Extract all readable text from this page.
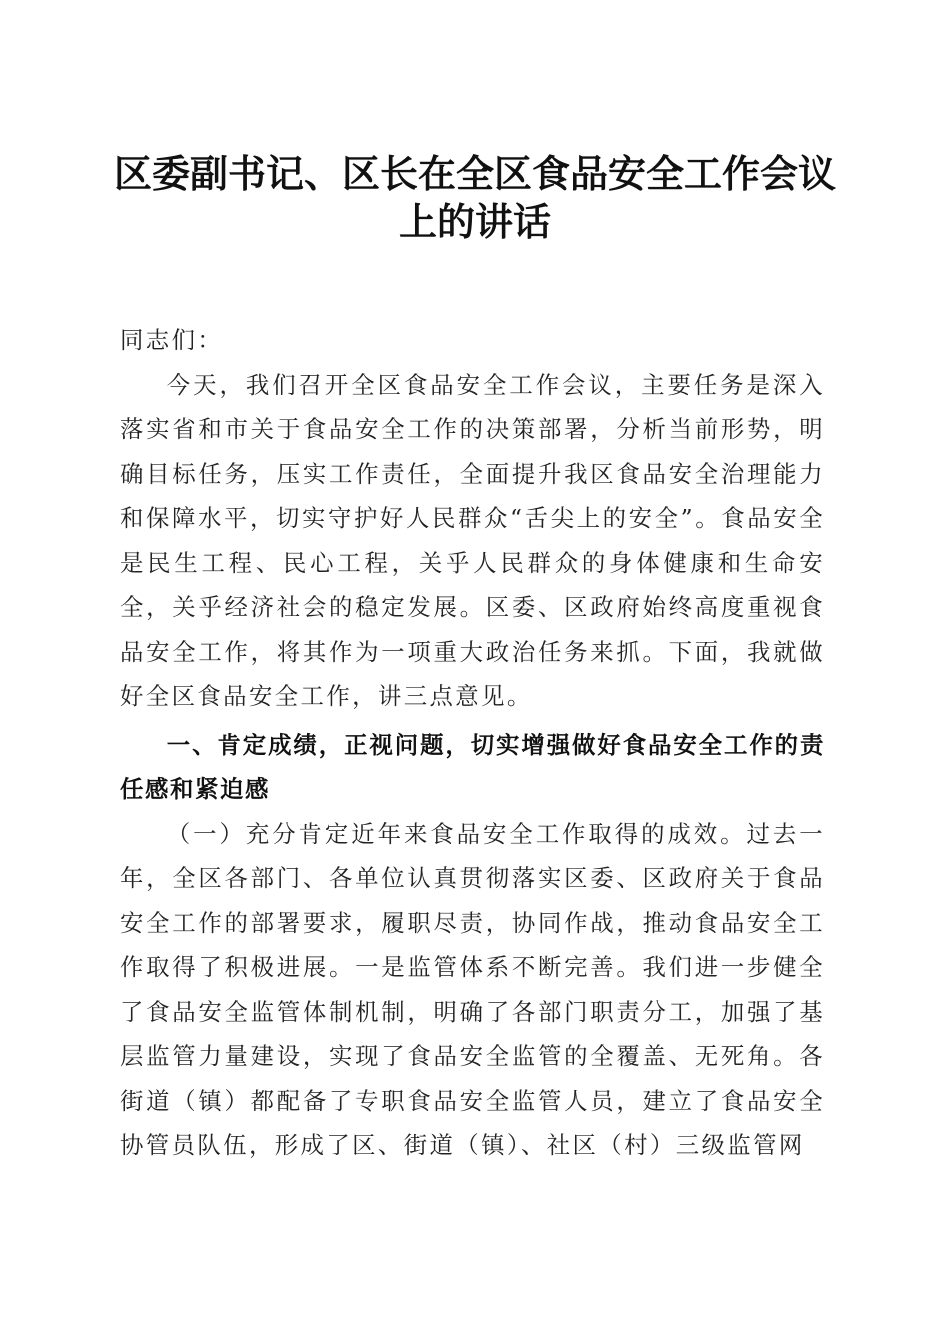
区委副书记、区长在全区食品安全工作会议上的讲话

同志们：

今天，我们召开全区食品安全工作会议，主要任务是深入落实省和市关于食品安全工作的决策部署，分析当前形势，明确目标任务，压实工作责任，全面提升我区食品安全治理能力和保障水平，切实守护好人民群众“舌尖上的安全”。食品安全是民生工程、民心工程，关乎人民群众的身体健康和生命安全，关乎经济社会的稳定发展。区委、区政府始终高度重视食品安全工作，将其作为一项重大政治任务来抓。下面，我就做好全区食品安全工作，讲三点意见。

一、肯定成绩，正视问题，切实增强做好食品安全工作的责任感和紧迫感

（一）充分肯定近年来食品安全工作取得的成效。过去一年，全区各部门、各单位认真贯彻落实区委、区政府关于食品安全工作的部署要求，履职尽责，协同作战，推动食品安全工作取得了积极进展。一是监管体系不断完善。我们进一步健全了食品安全监管体制机制，明确了各部门职责分工，加强了基层监管力量建设，实现了食品安全监管的全覆盖、无死角。各街道（镇）都配备了专职食品安全监管人员，建立了食品安全协管员队伍，形成了区、街道（镇）、社区（村）三级监管网
